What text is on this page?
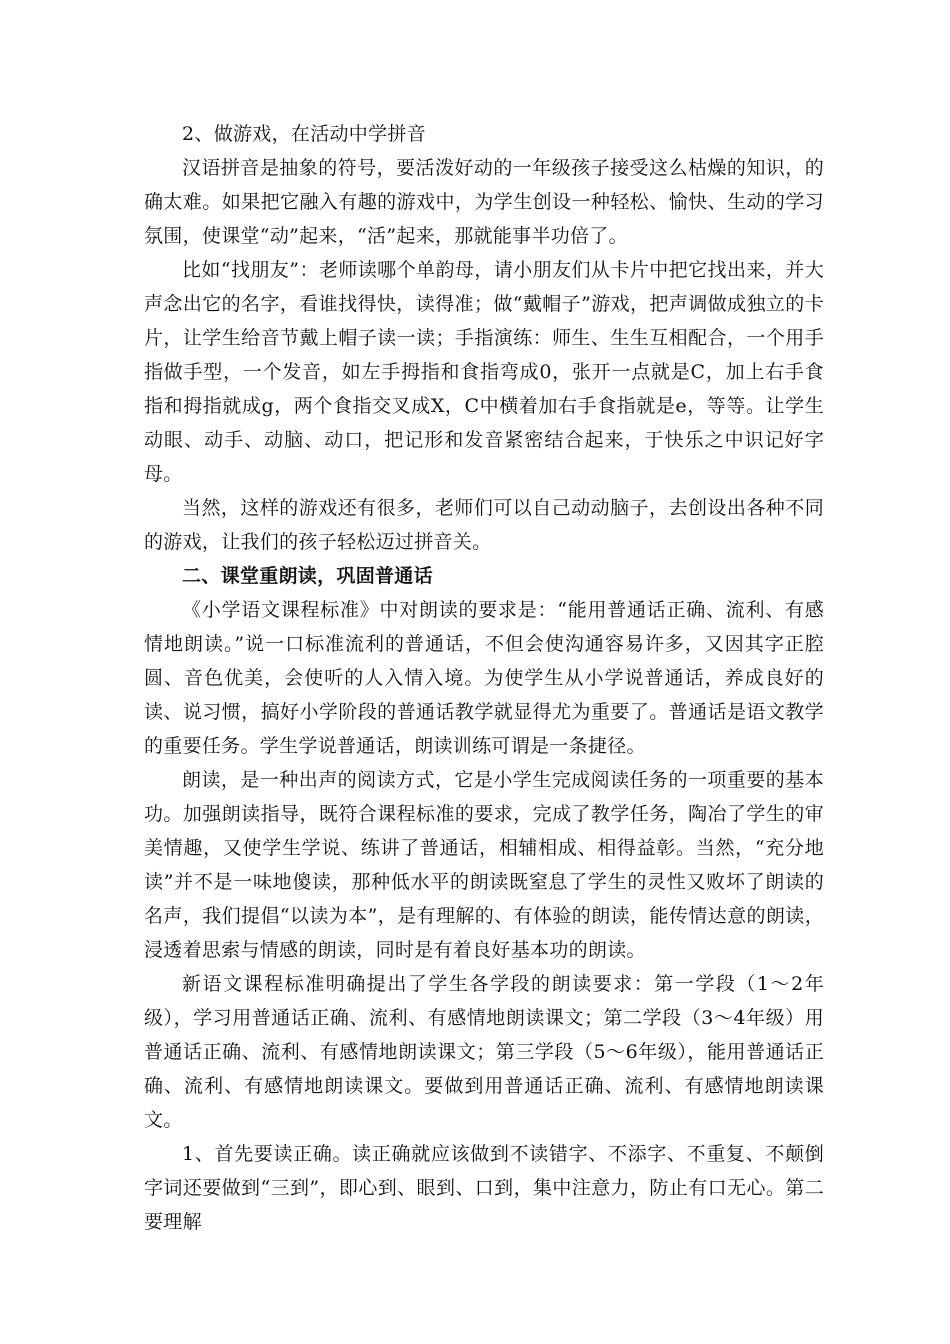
2、做游戏，在活动中学拼音

汉语拼音是抽象的符号，要活泼好动的一年级孩子接受这么枯燥的知识，的确太难。如果把它融入有趣的游戏中，为学生创设一种轻松、愉快、生动的学习氛围，使课堂“动”起来，“活”起来，那就能事半功倍了。

比如“找朋友”：老师读哪个单韵母，请小朋友们从卡片中把它找出来，并大声念出它的名字，看谁找得快，读得准；做“戴帽子”游戏，把声调做成独立的卡片，让学生给音节戴上帽子读一读；手指演练：师生、生生互相配合，一个用手指做手型，一个发音，如左手拇指和食指弯成0，张开一点就是C，加上右手食指和拇指就成g，两个食指交叉成X，C中横着加右手食指就是e，等等。让学生动眼、动手、动脑、动口，把记形和发音紧密结合起来，于快乐之中识记好字母。

当然，这样的游戏还有很多，老师们可以自己动动脑子，去创设出各种不同的游戏，让我们的孩子轻松迈过拼音关。

二、课堂重朗读，巩固普通话

《小学语文课程标准》中对朗读的要求是：“能用普通话正确、流利、有感情地朗读。”说一口标准流利的普通话，不但会使沟通容易许多，又因其字正腔圆、音色优美，会使听的人入情入境。为使学生从小学说普通话，养成良好的读、说习惯，搞好小学阶段的普通话教学就显得尤为重要了。普通话是语文教学的重要任务。学生学说普通话，朗读训练可谓是一条捷径。

朗读，是一种出声的阅读方式，它是小学生完成阅读任务的一项重要的基本功。加强朗读指导，既符合课程标准的要求，完成了教学任务，陶冶了学生的审美情趣，又使学生学说、练讲了普通话，相辅相成、相得益彰。当然，“充分地读”并不是一味地傻读，那种低水平的朗读既窒息了学生的灵性又败坏了朗读的名声，我们提倡“以读为本”，是有理解的、有体验的朗读，能传情达意的朗读，浸透着思索与情感的朗读，同时是有着良好基本功的朗读。

新语文课程标准明确提出了学生各学段的朗读要求：第一学段（1～2年级），学习用普通话正确、流利、有感情地朗读课文；第二学段（3～4年级）用普通话正确、流利、有感情地朗读课文；第三学段（5～6年级），能用普通话正确、流利、有感情地朗读课文。要做到用普通话正确、流利、有感情地朗读课文。

1、首先要读正确。读正确就应该做到不读错字、不添字、不重复、不颠倒字词还要做到“三到”，即心到、眼到、口到，集中注意力，防止有口无心。第二要理解
